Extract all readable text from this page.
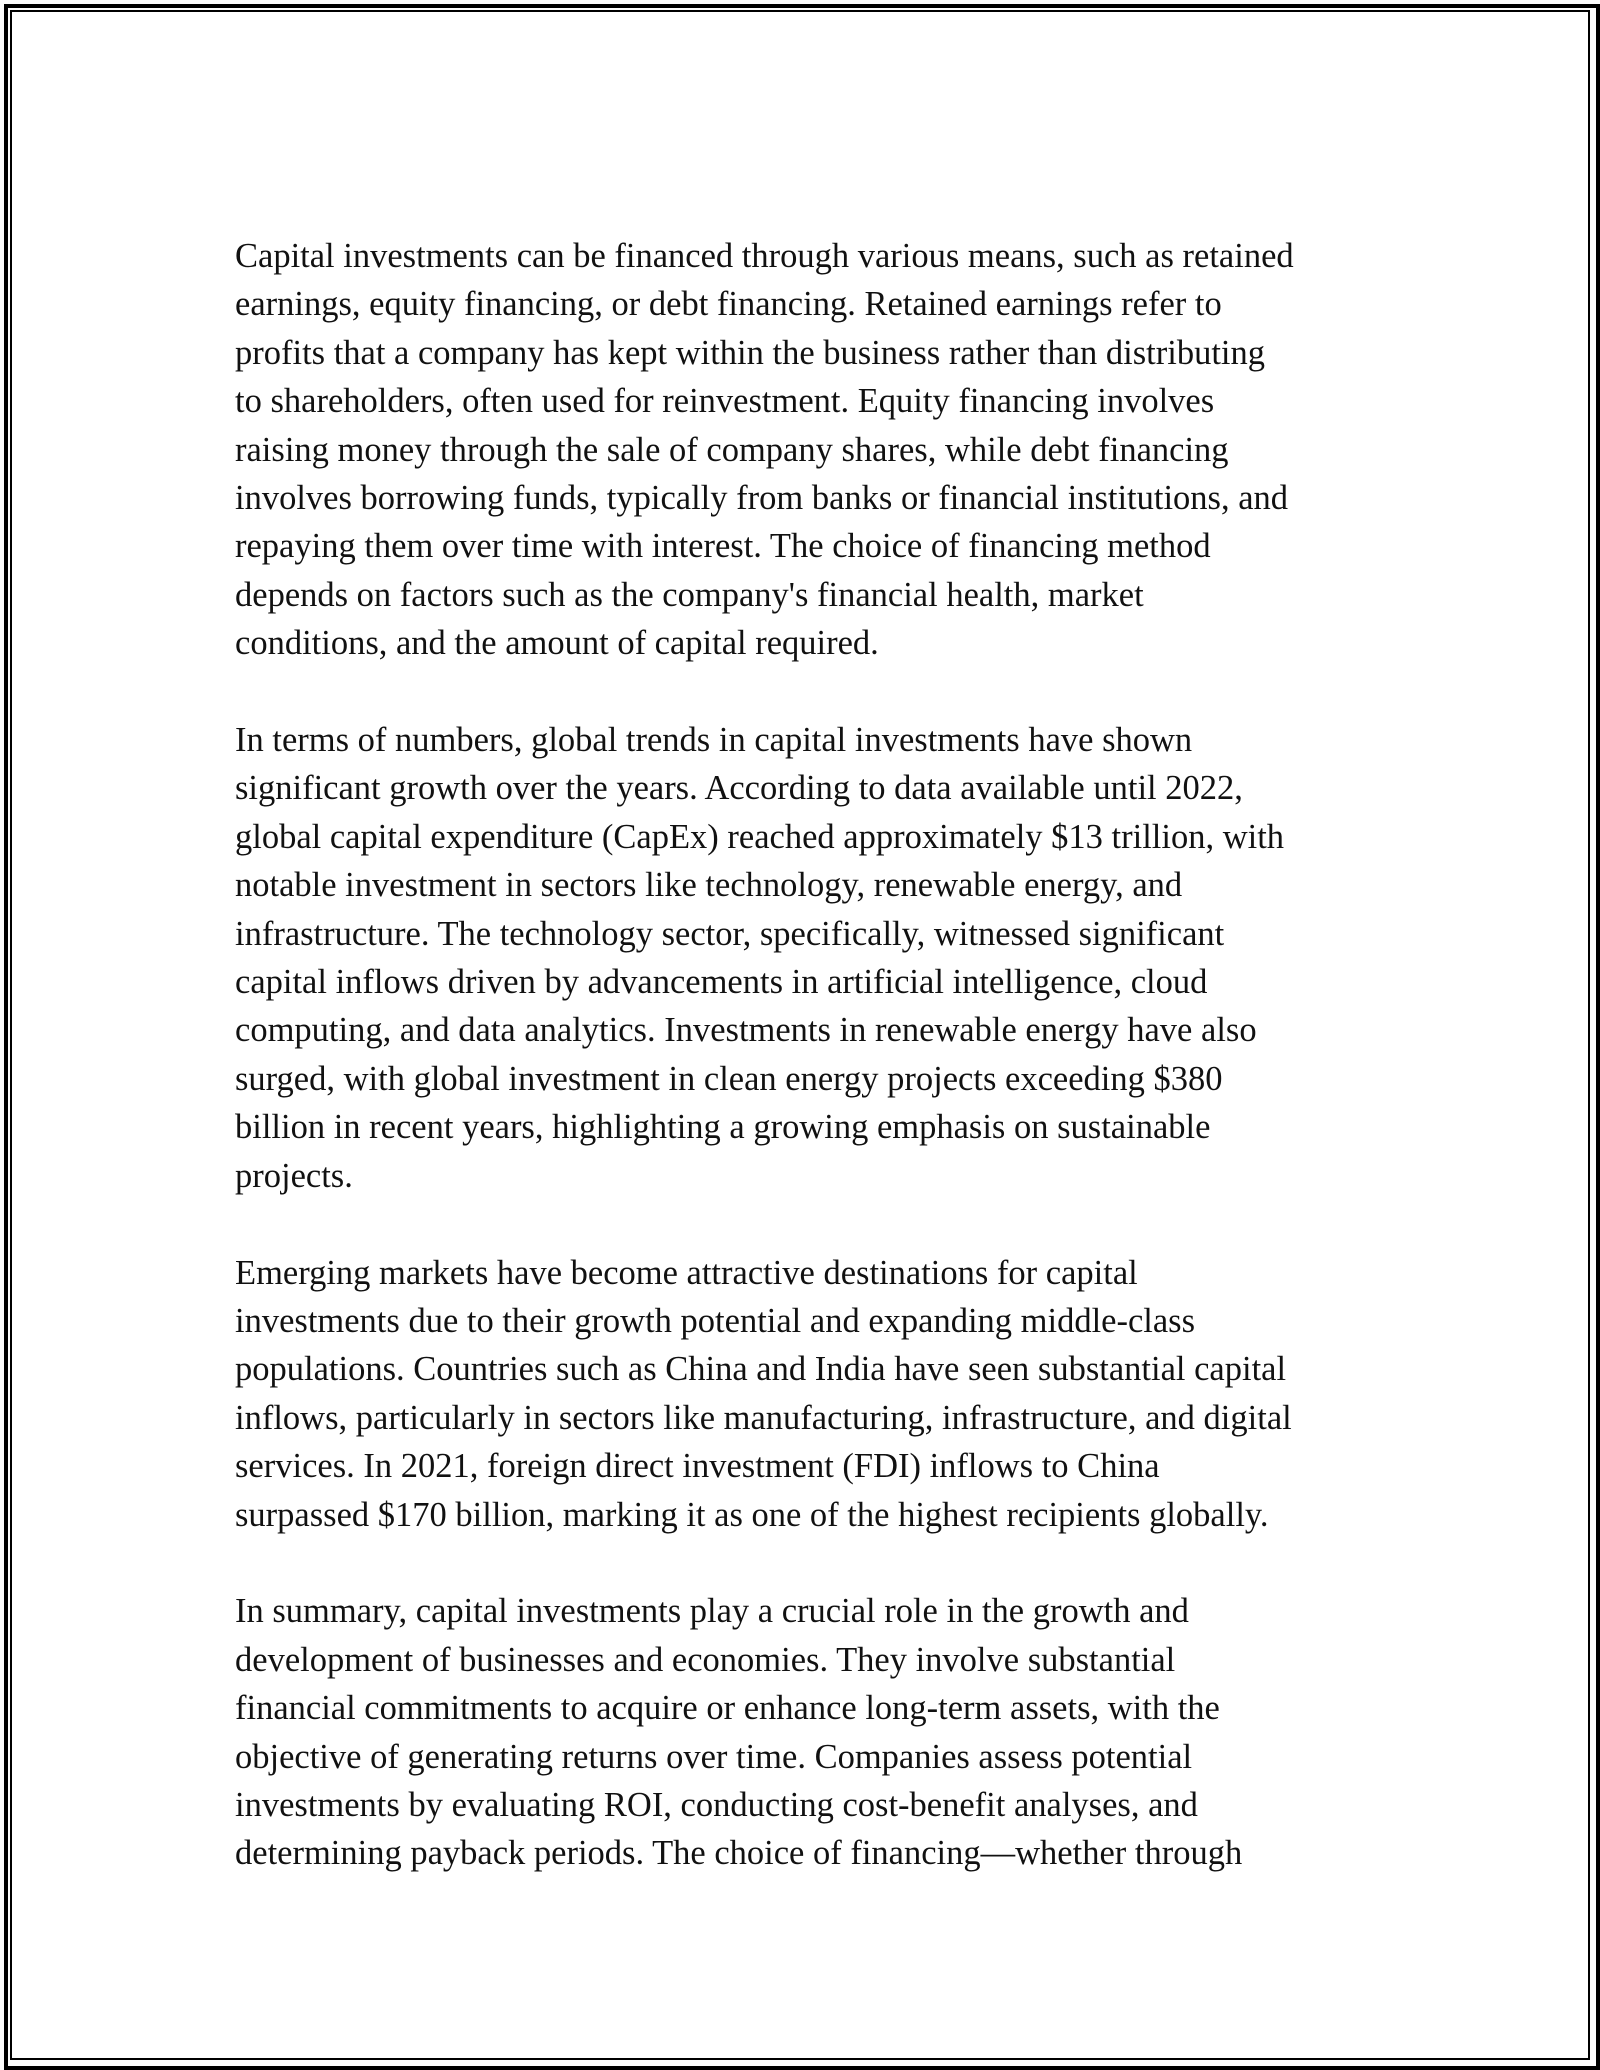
Capital investments can be financed through various means, such as retained
earnings, equity financing, or debt financing. Retained earnings refer to
profits that a company has kept within the business rather than distributing
to shareholders, often used for reinvestment. Equity financing involves
raising money through the sale of company shares, while debt financing
involves borrowing funds, typically from banks or financial institutions, and
repaying them over time with interest. The choice of financing method
depends on factors such as the company's financial health, market
conditions, and the amount of capital required.

In terms of numbers, global trends in capital investments have shown
significant growth over the years. According to data available until 2022,
global capital expenditure (CapEx) reached approximately $13 trillion, with
notable investment in sectors like technology, renewable energy, and
infrastructure. The technology sector, specifically, witnessed significant
capital inflows driven by advancements in artificial intelligence, cloud
computing, and data analytics. Investments in renewable energy have also
surged, with global investment in clean energy projects exceeding $380
billion in recent years, highlighting a growing emphasis on sustainable
projects.

Emerging markets have become attractive destinations for capital
investments due to their growth potential and expanding middle-class
populations. Countries such as China and India have seen substantial capital
inflows, particularly in sectors like manufacturing, infrastructure, and digital
services. In 2021, foreign direct investment (FDI) inflows to China
surpassed $170 billion, marking it as one of the highest recipients globally.

In summary, capital investments play a crucial role in the growth and
development of businesses and economies. They involve substantial
financial commitments to acquire or enhance long-term assets, with the
objective of generating returns over time. Companies assess potential
investments by evaluating ROI, conducting cost-benefit analyses, and
determining payback periods. The choice of financing—whether through
